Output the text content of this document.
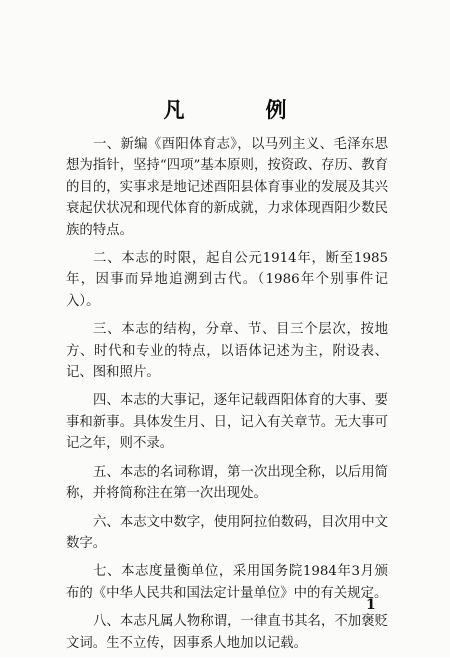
凡　例

一、新编《酉阳体育志》，以马列主义、毛泽东思想为指针，坚持“四项”基本原则，按资政、存历、教育的目的，实事求是地记述酉阳县体育事业的发展及其兴衰起伏状况和现代体育的新成就，力求体现酉阳少数民族的特点。

二、本志的时限，起自公元1914年，断至1985年，因事而异地追溯到古代。（1986年个别事件记入）。

三、本志的结构，分章、节、目三个层次，按地方、时代和专业的特点，以语体记述为主，附设表、记、图和照片。

四、本志的大事记，逐年记载酉阳体育的大事、要事和新事。具体发生月、日，记入有关章节。无大事可记之年，则不录。

五、本志的名词称谓，第一次出现全称，以后用简称，并将简称注在第一次出现处。

六、本志文中数字，使用阿拉伯数码，目次用中文数字。

七、本志度量衡单位，采用国务院1984年3月颁布的《中华人民共和国法定计量单位》中的有关规定。

八、本志凡属人物称谓，一律直书其名，不加褒贬文词。生不立传，因事系人地加以记载。

1
